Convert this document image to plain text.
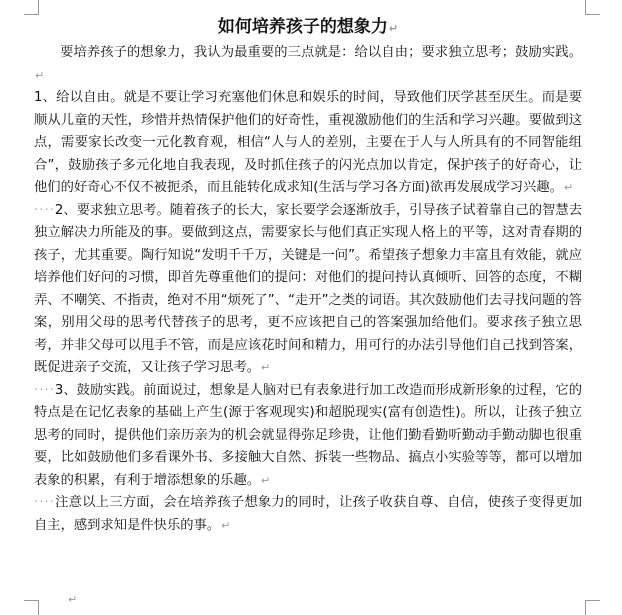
如何培养孩子的想象力↵

要培养孩子的想象力，我认为最重要的三点就是：给以自由；要求独立思考；鼓励实践。↵

1、给以自由。就是不要让学习充塞他们休息和娱乐的时间，导致他们厌学甚至厌生。而是要顺从儿童的天性，珍惜并热情保护他们的好奇性，重视激励他们的生活和学习兴趣。要做到这点，需要家长改变一元化教育观，相信“人与人的差别，主要在于人与人所具有的不同智能组合”，鼓励孩子多元化地自我表现，及时抓住孩子的闪光点加以肯定，保护孩子的好奇心，让他们的好奇心不仅不被扼杀，而且能转化成求知(生活与学习各方面)欲再发展成学习兴趣。↵

····2、要求独立思考。随着孩子的长大，家长要学会逐渐放手，引导孩子试着靠自己的智慧去独立解决力所能及的事。要做到这点，需要家长与他们真正实现人格上的平等，这对青春期的孩子，尤其重要。陶行知说“发明千千万，关键是一问”。希望孩子想象力丰富且有效能，就应培养他们好问的习惯，即首先尊重他们的提问：对他们的提问持认真倾听、回答的态度，不糊弄、不嘲笑、不指责，绝对不用“烦死了”、“走开”之类的词语。其次鼓励他们去寻找问题的答案，别用父母的思考代替孩子的思考，更不应该把自己的答案强加给他们。要求孩子独立思考，并非父母可以甩手不管，而是应该花时间和精力，用可行的办法引导他们自己找到答案，既促进亲子交流，又让孩子学习思考。↵

····3、鼓励实践。前面说过，想象是人脑对已有表象进行加工改造而形成新形象的过程，它的特点是在记忆表象的基础上产生(源于客观现实)和超脱现实(富有创造性)。所以，让孩子独立思考的同时，提供他们亲历亲为的机会就显得弥足珍贵，让他们勤看勤听勤动手勤动脚也很重要，比如鼓励他们多看课外书、多接触大自然、拆装一些物品、搞点小实验等等，都可以增加表象的积累，有利于增添想象的乐趣。↵

····注意以上三方面，会在培养孩子想象力的同时，让孩子收获自尊、自信，使孩子变得更加自主，感到求知是件快乐的事。↵

↵
